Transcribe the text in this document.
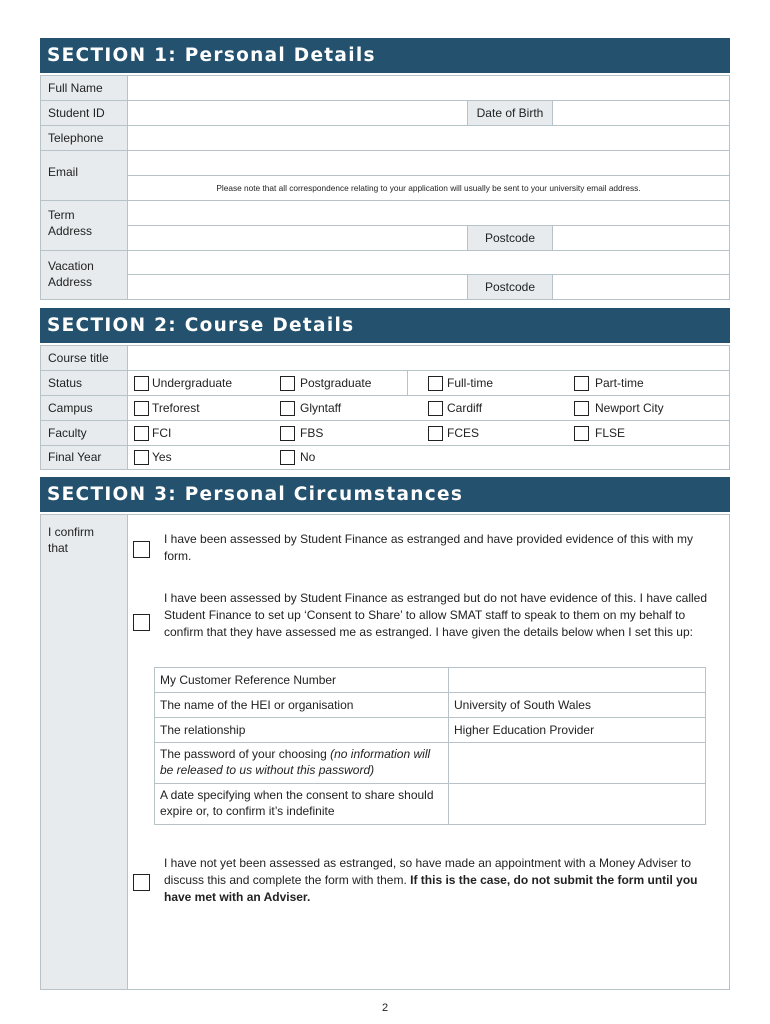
SECTION 1: Personal Details
Full Name
Student ID	Date of Birth
Telephone
Email
Please note that all correspondence relating to your application will usually be sent to your university email address.
Term Address	Postcode
Vacation Address	Postcode
SECTION 2: Course Details
Course title
Status	Undergraduate	Postgraduate	Full-time	Part-time
Campus	Treforest	Glyntaff	Cardiff	Newport City
Faculty	FCI	FBS	FCES	FLSE
Final Year	Yes	No
SECTION 3: Personal Circumstances
I confirm that
I have been assessed by Student Finance as estranged and have provided evidence of this with my form.
I have been assessed by Student Finance as estranged but do not have evidence of this. I have called Student Finance to set up ‘Consent to Share’ to allow SMAT staff to speak to them on my behalf to confirm that they have assessed me as estranged. I have given the details below when I set this up:
My Customer Reference Number
The name of the HEI or organisation	University of South Wales
The relationship	Higher Education Provider
The password of your choosing (no information will be released to us without this password)
A date specifying when the consent to share should expire or, to confirm it’s indefinite
I have not yet been assessed as estranged, so have made an appointment with a Money Adviser to discuss this and complete the form with them. If this is the case, do not submit the form until you have met with an Adviser.
2
